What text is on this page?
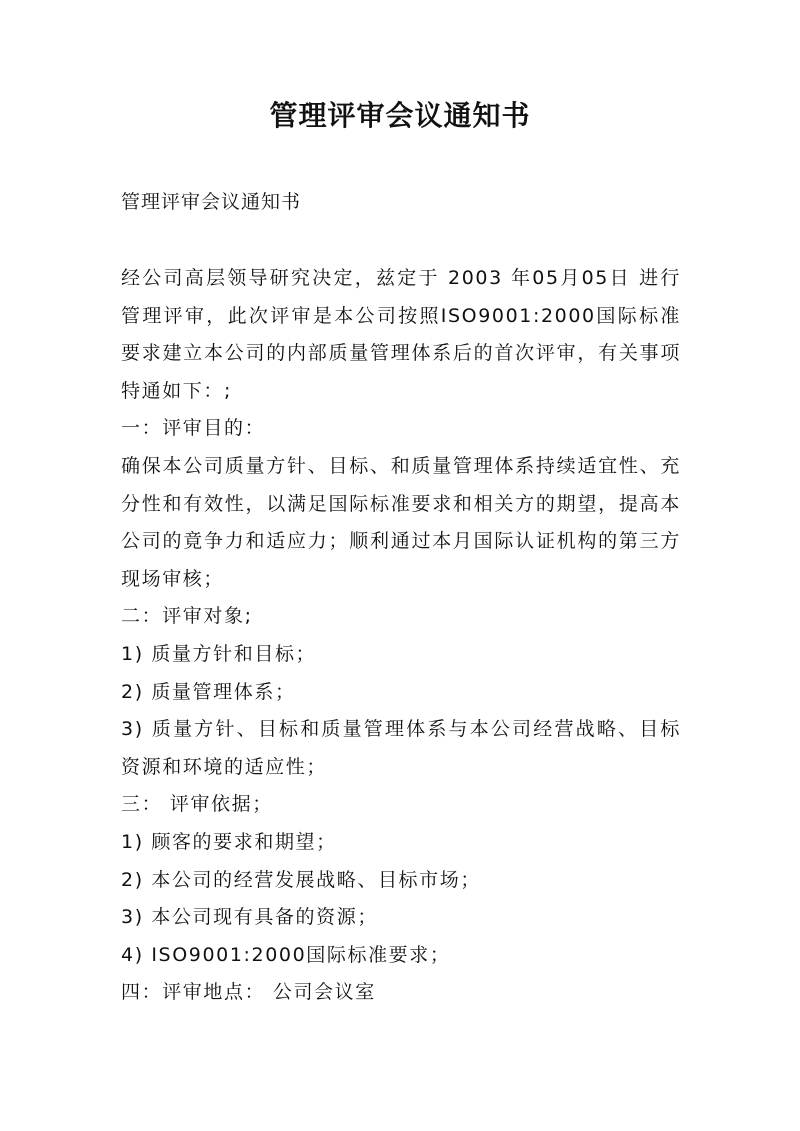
管理评审会议通知书
管理评审会议通知书

经公司高层领导研究决定，兹定于 2003 年05月05日 进行管理评审，此次评审是本公司按照ISO9001:2000国际标准要求建立本公司的内部质量管理体系后的首次评审，有关事项特通如下：;

一：评审目的：

确保本公司质量方针、目标、和质量管理体系持续适宜性、充分性和有效性，以满足国际标准要求和相关方的期望，提高本公司的竟争力和适应力；顺利通过本月国际认证机构的第三方现场审核；

二：评审对象;

1) 质量方针和目标；

2) 质量管理体系；

3) 质量方针、目标和质量管理体系与本公司经营战略、目标资源和环境的适应性；

三： 评审依据；

1) 顾客的要求和期望；

2) 本公司的经营发展战略、目标市场；

3) 本公司现有具备的资源；

4) ISO9001:2000国际标准要求；

四：评审地点： 公司会议室
